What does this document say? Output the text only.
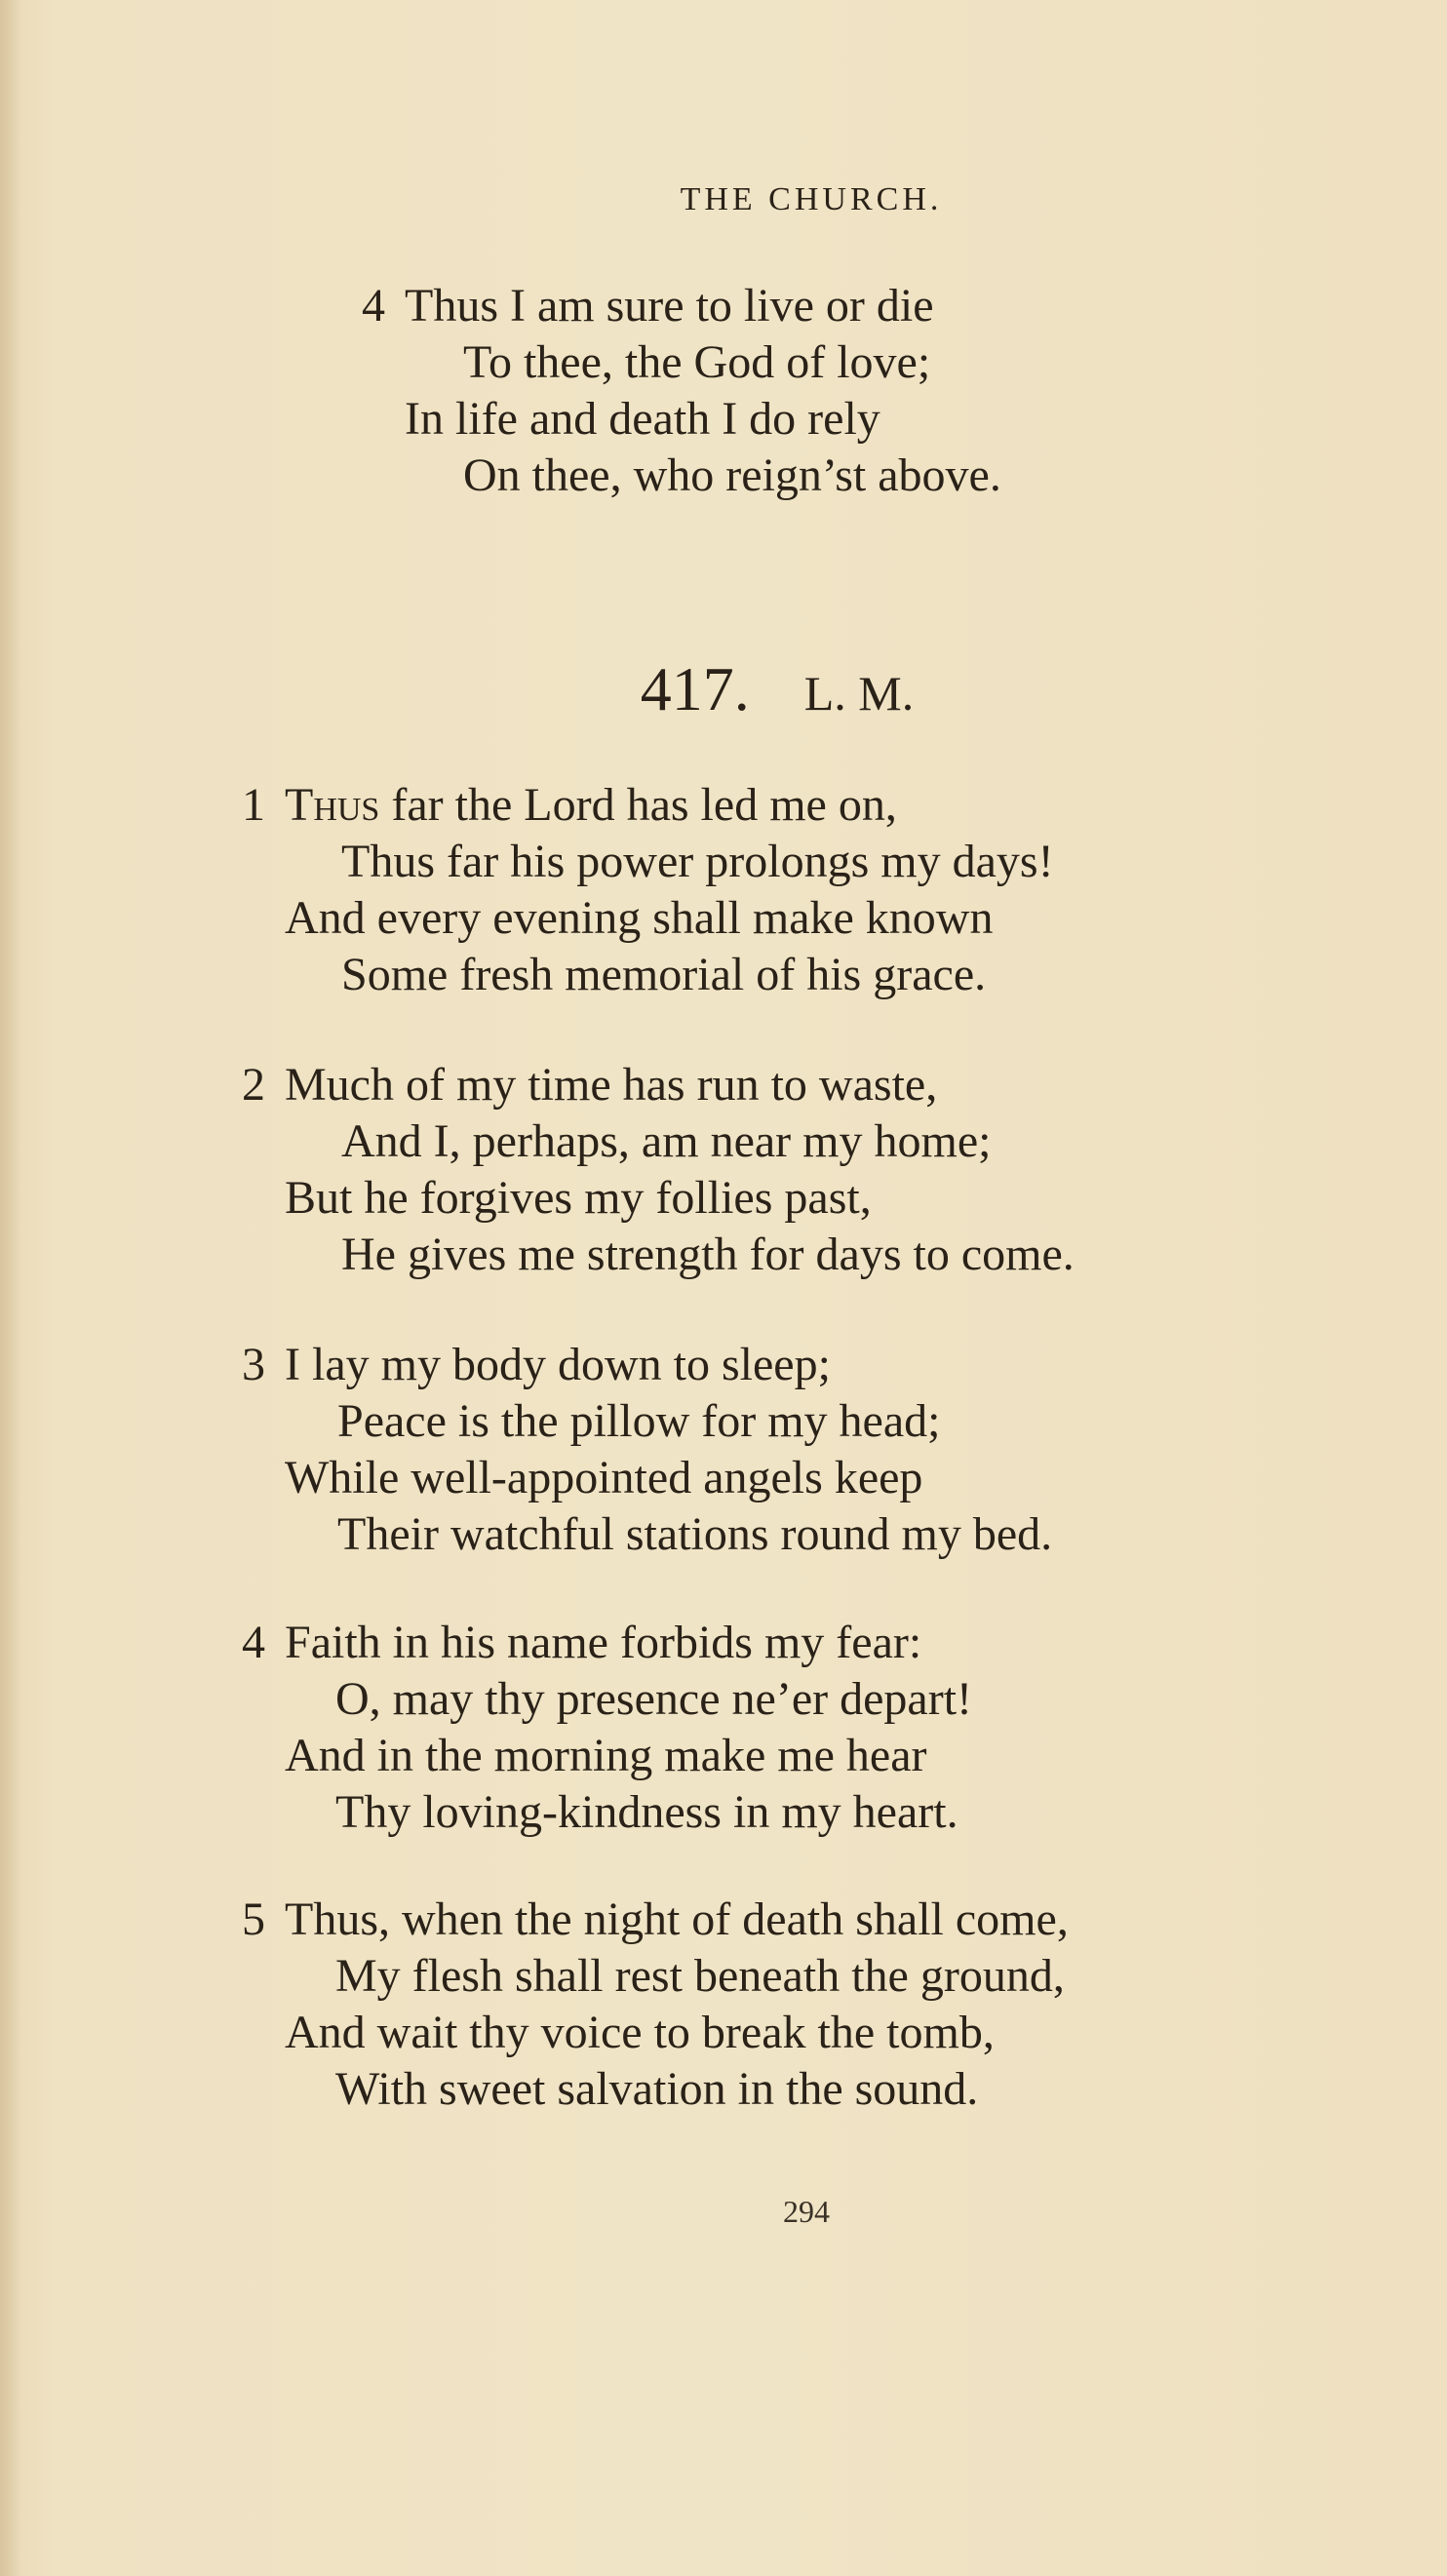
THE CHURCH.
4 Thus I am sure to live or die
To thee, the God of love;
In life and death I do rely
On thee, who reign’st above.
417. L. M.
1 Thus far the Lord has led me on,
Thus far his power prolongs my days!
And every evening shall make known
Some fresh memorial of his grace.
2 Much of my time has run to waste,
And I, perhaps, am near my home;
But he forgives my follies past,
He gives me strength for days to come.
3 I lay my body down to sleep;
Peace is the pillow for my head;
While well-appointed angels keep
Their watchful stations round my bed.
4 Faith in his name forbids my fear:
O, may thy presence ne’er depart!
And in the morning make me hear
Thy loving-kindness in my heart.
5 Thus, when the night of death shall come,
My flesh shall rest beneath the ground,
And wait thy voice to break the tomb,
With sweet salvation in the sound.
294
